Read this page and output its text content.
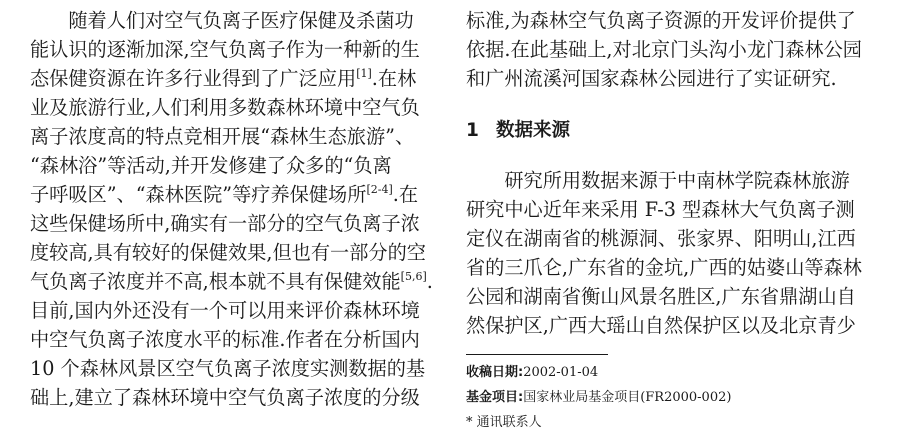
　　随着人们对空气负离子医疗保健及杀菌功
能认识的逐渐加深,空气负离子作为一种新的生
态保健资源在许多行业得到了广泛应用[1].在林
业及旅游行业,人们利用多数森林环境中空气负
离子浓度高的特点竞相开展“森林生态旅游”、
“森林浴”等活动,并开发修建了众多的“负离
子呼吸区”、“森林医院”等疗养保健场所[2-4].在
这些保健场所中,确实有一部分的空气负离子浓
度较高,具有较好的保健效果,但也有一部分的空
气负离子浓度并不高,根本就不具有保健效能[5,6].
目前,国内外还没有一个可以用来评价森林环境
中空气负离子浓度水平的标准.作者在分析国内
10 个森林风景区空气负离子浓度实测数据的基
础上,建立了森林环境中空气负离子浓度的分级
标准,为森林空气负离子资源的开发评价提供了
依据.在此基础上,对北京门头沟小龙门森林公园
和广州流溪河国家森林公园进行了实证研究.
1 数据来源
　　研究所用数据来源于中南林学院森林旅游
研究中心近年来采用 F-3 型森林大气负离子测
定仪在湖南省的桃源洞、张家界、阳明山,江西
省的三爪仑,广东省的金坑,广西的姑婆山等森林
公园和湖南省衡山风景名胜区,广东省鼎湖山自
然保护区,广西大瑶山自然保护区以及北京青少
收稿日期:2002-01-04
基金项目:国家林业局基金项目(FR2000-002)
* 通讯联系人
